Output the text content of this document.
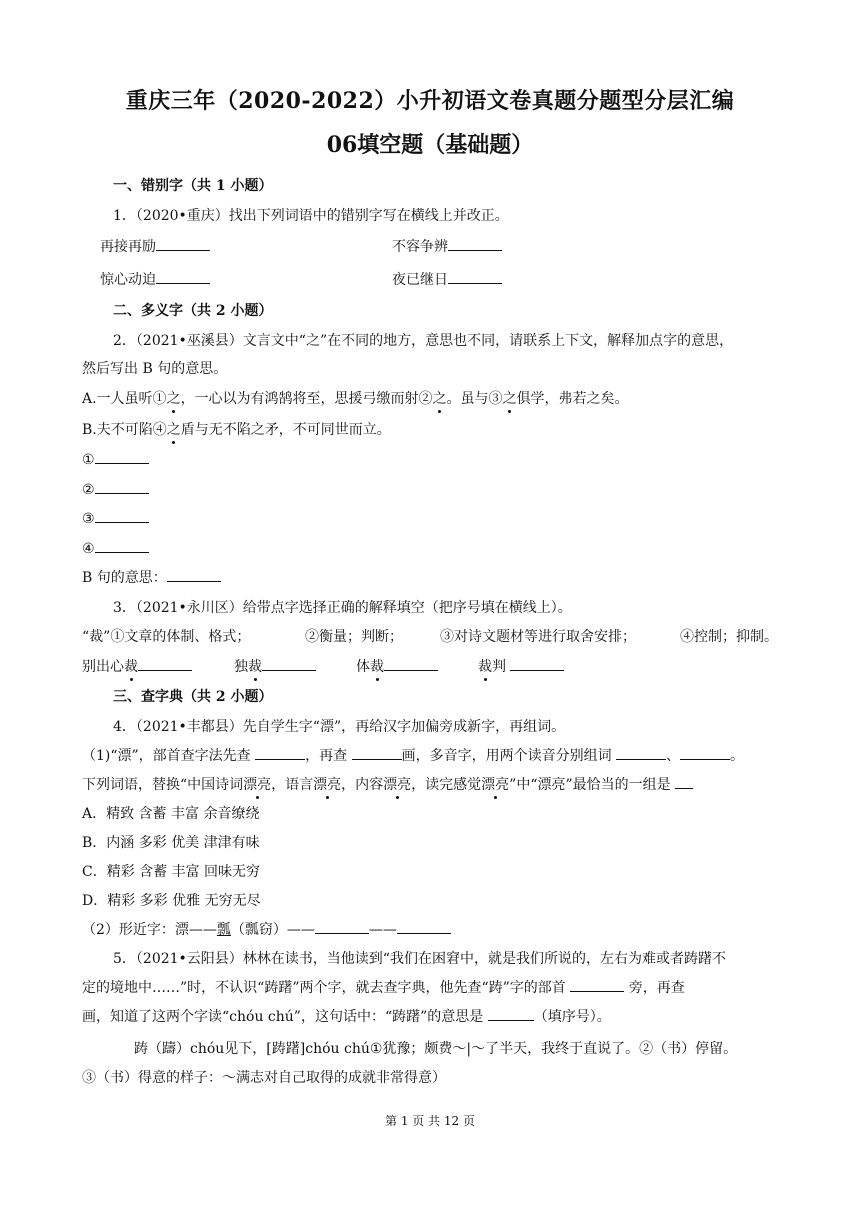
重庆三年（2020-2022）小升初语文卷真题分题型分层汇编
06填空题（基础题）
一、错别字（共 1 小题）
1．（2020•重庆）找出下列词语中的错别字写在横线上并改正。
再接再励	不容争辨
惊心动迫	夜已继日
二、多义字（共 2 小题）
2．（2021•巫溪县）文言文中“之”在不同的地方，意思也不同，请联系上下文，解释加点字的意思，
然后写出 B 句的意思。
A.一人虽听①之，一心以为有鸿鹄将至，思援弓缴而射②之。虽与③之俱学，弗若之矣。
B.夫不可陷④之盾与无不陷之矛，不可同世而立。
①
②
③
④
B 句的意思：
3．（2021•永川区）给带点字选择正确的解释填空（把序号填在横线上）。
“裁”①文章的体制、格式；	②衡量；判断；	③对诗文题材等进行取舍安排；	④控制；抑制。
别出心裁	独裁	体裁	裁判
三、查字典（共 2 小题）
4．（2021•丰都县）先自学生字“漂”，再给汉字加偏旁成新字，再组词。
（1)“漂”，部首查字法先查	，再查	画，多音字，用两个读音分别组词	、	。
下列词语，替换“中国诗词漂亮，语言漂亮，内容漂亮，读完感觉漂亮”中“漂亮”最恰当的一组是
A．精致 含蓄 丰富 余音缭绕
B．内涵 多彩 优美 津津有味
C．精彩 含蓄 丰富 回味无穷
D．精彩 多彩 优雅 无穷无尽
（2）形近字：漂——瓢（瓢窃）——	——
5．（2021•云阳县）林林在读书，当他读到“我们在困窘中，就是我们所说的，左右为难或者踌躇不
定的境地中……”时，不认识“踌躇”两个字，就去查字典，他先查“踌”字的部首	旁，再查
画，知道了这两个字读“chóu chú”，这句话中：“踌躇”的意思是	（填序号）。
踌（躊）chóu见下，[踌躇]chóu chú①犹豫；颇费～|～了半天，我终于直说了。②（书）停留。
③（书）得意的样子：～满志对自己取得的成就非常得意）
第 1 页 共 12 页
